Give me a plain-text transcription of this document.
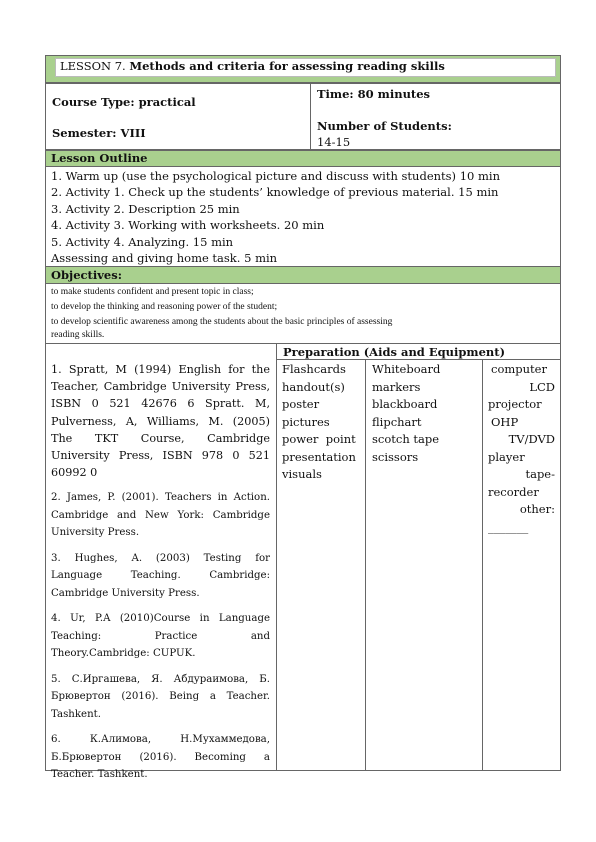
LESSON 7. Methods and criteria for assessing reading skills
Course Type: practical
Semester: VIII
Time: 80 minutes
Number of Students:
14-15
Lesson Outline
1. Warm up (use the psychological picture and discuss with students) 10 min
2. Activity 1. Check up the students’ knowledge of previous material. 15 min
3. Activity 2. Description 25 min
4. Activity 3. Working with worksheets. 20 min
5. Activity 4. Analyzing. 15 min
Assessing and giving home task. 5 min
Objectives:
to make students confident and present topic in class;
to develop the thinking and reasoning power of the student;
to develop scientific awareness among the students about the basic principles of assessing
reading skills.
Preparation (Aids and Equipment)
Flashcards
handout(s)
poster
pictures
power  point
presentation
visuals
Whiteboard
markers
blackboard
flipchart
scotch tape
scissors
computer
LCD
projector
OHP
TV/DVD
player
tape-
recorder
other:
_______

1. Spratt, M (1994) English for the Teacher, Cambridge University Press, ISBN 0 521 42676 6 Spratt. M, Pulverness, A, Williams, M. (2005) The TKT Course, Cambridge University Press, ISBN 978 0 521 60992 0

2. James, P. (2001). Teachers in Action. Cambridge and New York: Cambridge University Press.

3. Hughes, A. (2003) Testing for Language Teaching. Cambridge: Cambridge University Press.

4. Ur, P.A (2010)Course in Language Teaching: Practice and Theory.Cambridge: CUPUK.

5. С.Иргашева, Я. Абдураимова, Б. Брювертон (2016). Being a Teacher. Tashkent.

6. К.Алимова, Н.Мухаммедова, Б.Брювертон (2016). Becoming a Teacher. Tashkent.
